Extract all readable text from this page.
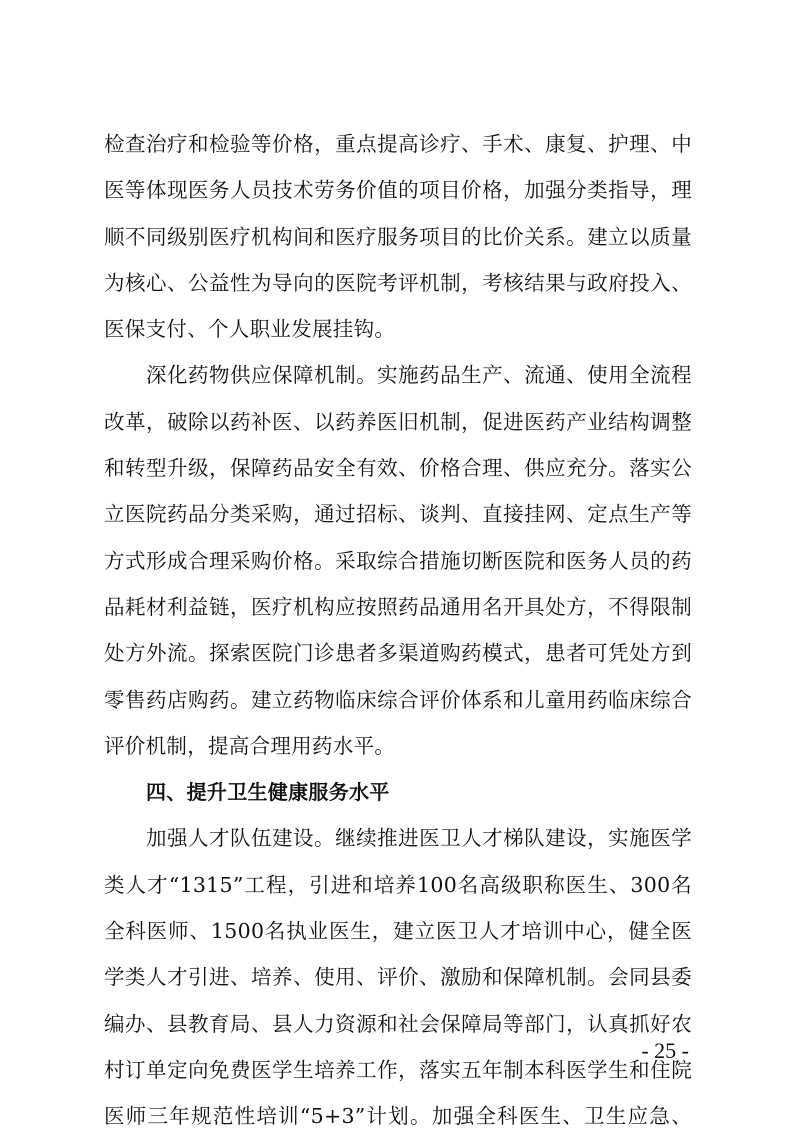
检查治疗和检验等价格，重点提高诊疗、手术、康复、护理、中
医等体现医务人员技术劳务价值的项目价格，加强分类指导，理
顺不同级别医疗机构间和医疗服务项目的比价关系。建立以质量
为核心、公益性为导向的医院考评机制，考核结果与政府投入、
医保支付、个人职业发展挂钩。
深化药物供应保障机制。实施药品生产、流通、使用全流程
改革，破除以药补医、以药养医旧机制，促进医药产业结构调整
和转型升级，保障药品安全有效、价格合理、供应充分。落实公
立医院药品分类采购，通过招标、谈判、直接挂网、定点生产等
方式形成合理采购价格。采取综合措施切断医院和医务人员的药
品耗材利益链，医疗机构应按照药品通用名开具处方，不得限制
处方外流。探索医院门诊患者多渠道购药模式，患者可凭处方到
零售药店购药。建立药物临床综合评价体系和儿童用药临床综合
评价机制，提高合理用药水平。
四、提升卫生健康服务水平
加强人才队伍建设。继续推进医卫人才梯队建设，实施医学
类人才“1315”工程，引进和培养100名高级职称医生、300名
全科医师、1500名执业医生，建立医卫人才培训中心，健全医
学类人才引进、培养、使用、评价、激励和保障机制。会同县委
编办、县教育局、县人力资源和社会保障局等部门，认真抓好农
村订单定向免费医学生培养工作，落实五年制本科医学生和住院
医师三年规范性培训“5+3”计划。加强全科医生、卫生应急、
- 25 -
